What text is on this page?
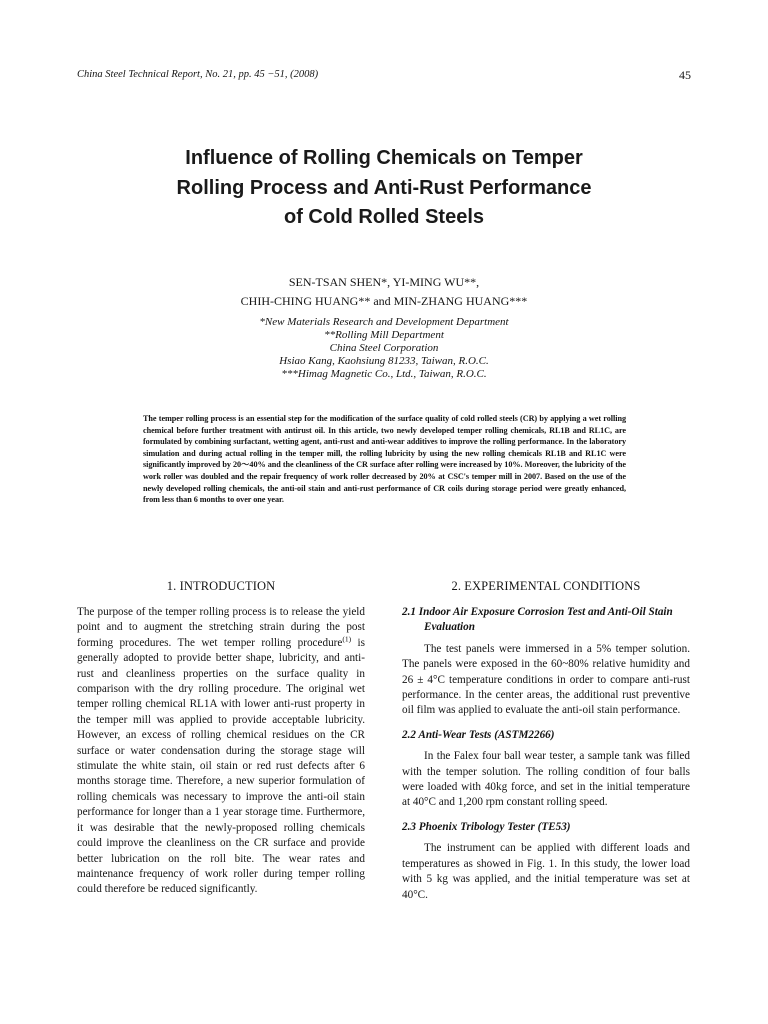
China Steel Technical Report, No. 21, pp. 45 −51, (2008)	45
Influence of Rolling Chemicals on Temper
Rolling Process and Anti-Rust Performance
of Cold Rolled Steels
SEN-TSAN SHEN*, YI-MING WU**,
CHIH-CHING HUANG** and MIN-ZHANG HUANG***
*New Materials Research and Development Department
**Rolling Mill Department
China Steel Corporation
Hsiao Kang, Kaohsiung 81233, Taiwan, R.O.C.
***Himag Magnetic Co., Ltd., Taiwan, R.O.C.

The temper rolling process is an essential step for the modification of the surface quality of cold rolled steels (CR) by applying a wet rolling chemical before further treatment with antirust oil. In this article, two newly developed temper rolling chemicals, RL1B and RL1C, are formulated by combining surfactant, wetting agent, anti-rust and anti-wear additives to improve the rolling performance. In the laboratory simulation and during actual rolling in the temper mill, the rolling lubricity by using the new rolling chemicals RL1B and RL1C were significantly improved by 20〜40% and the cleanliness of the CR surface after rolling were increased by 10%. Moreover, the lubricity of the work roller was doubled and the repair frequency of work roller decreased by 20% at CSC's temper mill in 2007. Based on the use of the newly developed rolling chemicals, the anti-oil stain and anti-rust performance of CR coils during storage period were greatly enhanced, from less than 6 months to over one year.

1. INTRODUCTION

The purpose of the temper rolling process is to release the yield point and to augment the stretching strain during the post forming procedures. The wet temper rolling procedure$^{(1)}$ is generally adopted to provide better shape, lubricity, and anti-rust and cleanliness properties on the surface quality in comparison with the dry rolling procedure. The original wet temper rolling chemical RL1A with lower anti-rust property in the temper mill was applied to provide acceptable lubricity. However, an excess of rolling chemical residues on the CR surface or water condensation during the storage stage will stimulate the white stain, oil stain or red rust defects after 6 months storage time. Therefore, a new superior formulation of rolling chemicals was necessary to improve the anti-oil stain performance for longer than a 1 year storage time. Furthermore, it was desirable that the newly-proposed rolling chemicals could improve the cleanliness on the CR surface and provide better lubrication on the roll bite. The wear rates and maintenance frequency of work roller during temper rolling could therefore be reduced significantly.

2. EXPERIMENTAL CONDITIONS
2.1 Indoor Air Exposure Corrosion Test and Anti-Oil Stain Evaluation

The test panels were immersed in a 5% temper solution. The panels were exposed in the 60~80% relative humidity and 26 ± 4°C temperature conditions in order to compare anti-rust performance. In the center areas, the additional rust preventive oil film was applied to evaluate the anti-oil stain performance.

2.2 Anti-Wear Tests (ASTM2266)

In the Falex four ball wear tester, a sample tank was filled with the temper solution. The rolling condition of four balls were loaded with 40kg force, and set in the initial temperature at 40°C and 1,200 rpm constant rolling speed.

2.3 Phoenix Tribology Tester (TE53)

The instrument can be applied with different loads and temperatures as showed in Fig. 1. In this study, the lower load with 5 kg was applied, and the initial temperature was set at 40°C.
